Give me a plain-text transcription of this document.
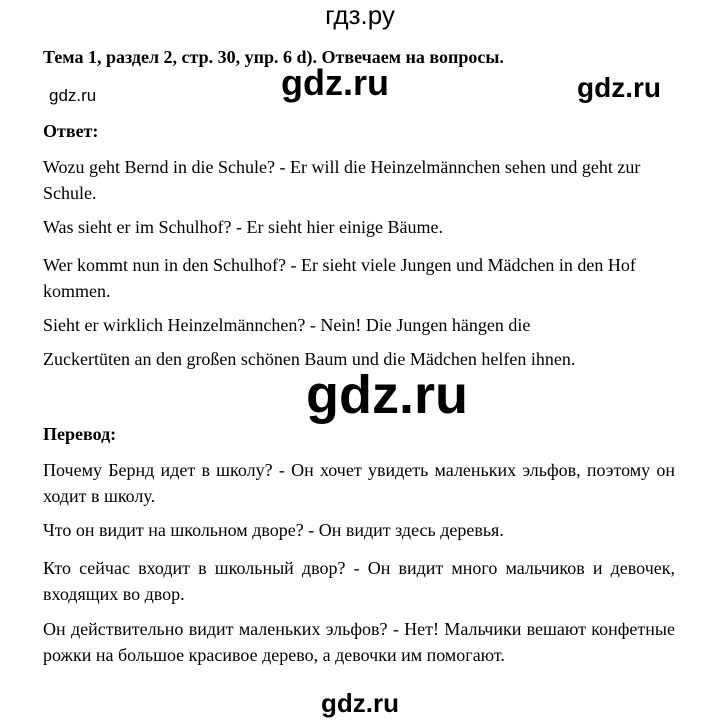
гдз.ру
Тема 1, раздел 2, стр. 30, упр. 6 d). Отвечаем на вопросы.
gdz.ru	gdz.ru	gdz.ru
Ответ:
Wozu geht Bernd in die Schule? - Er will die Heinzelmännchen sehen und geht zur Schule.
Was sieht er im Schulhof? - Er sieht hier einige Bäume.
Wer kommt nun in den Schulhof? - Er sieht viele Jungen und Mädchen in den Hof kommen.
Sieht er wirklich Heinzelmännchen? - Nein! Die Jungen hängen die
Zuckertüten an den großen schönen Baum und die Mädchen helfen ihnen.
gdz.ru
Перевод:
Почему Бернд идет в школу? - Он хочет увидеть маленьких эльфов, поэтому он ходит в школу.
Что он видит на школьном дворе? - Он видит здесь деревья.
Кто сейчас входит в школьный двор? - Он видит много мальчиков и девочек, входящих во двор.
Он действительно видит маленьких эльфов? - Нет! Мальчики вешают конфетные рожки на большое красивое дерево, а девочки им помогают.
gdz.ru
